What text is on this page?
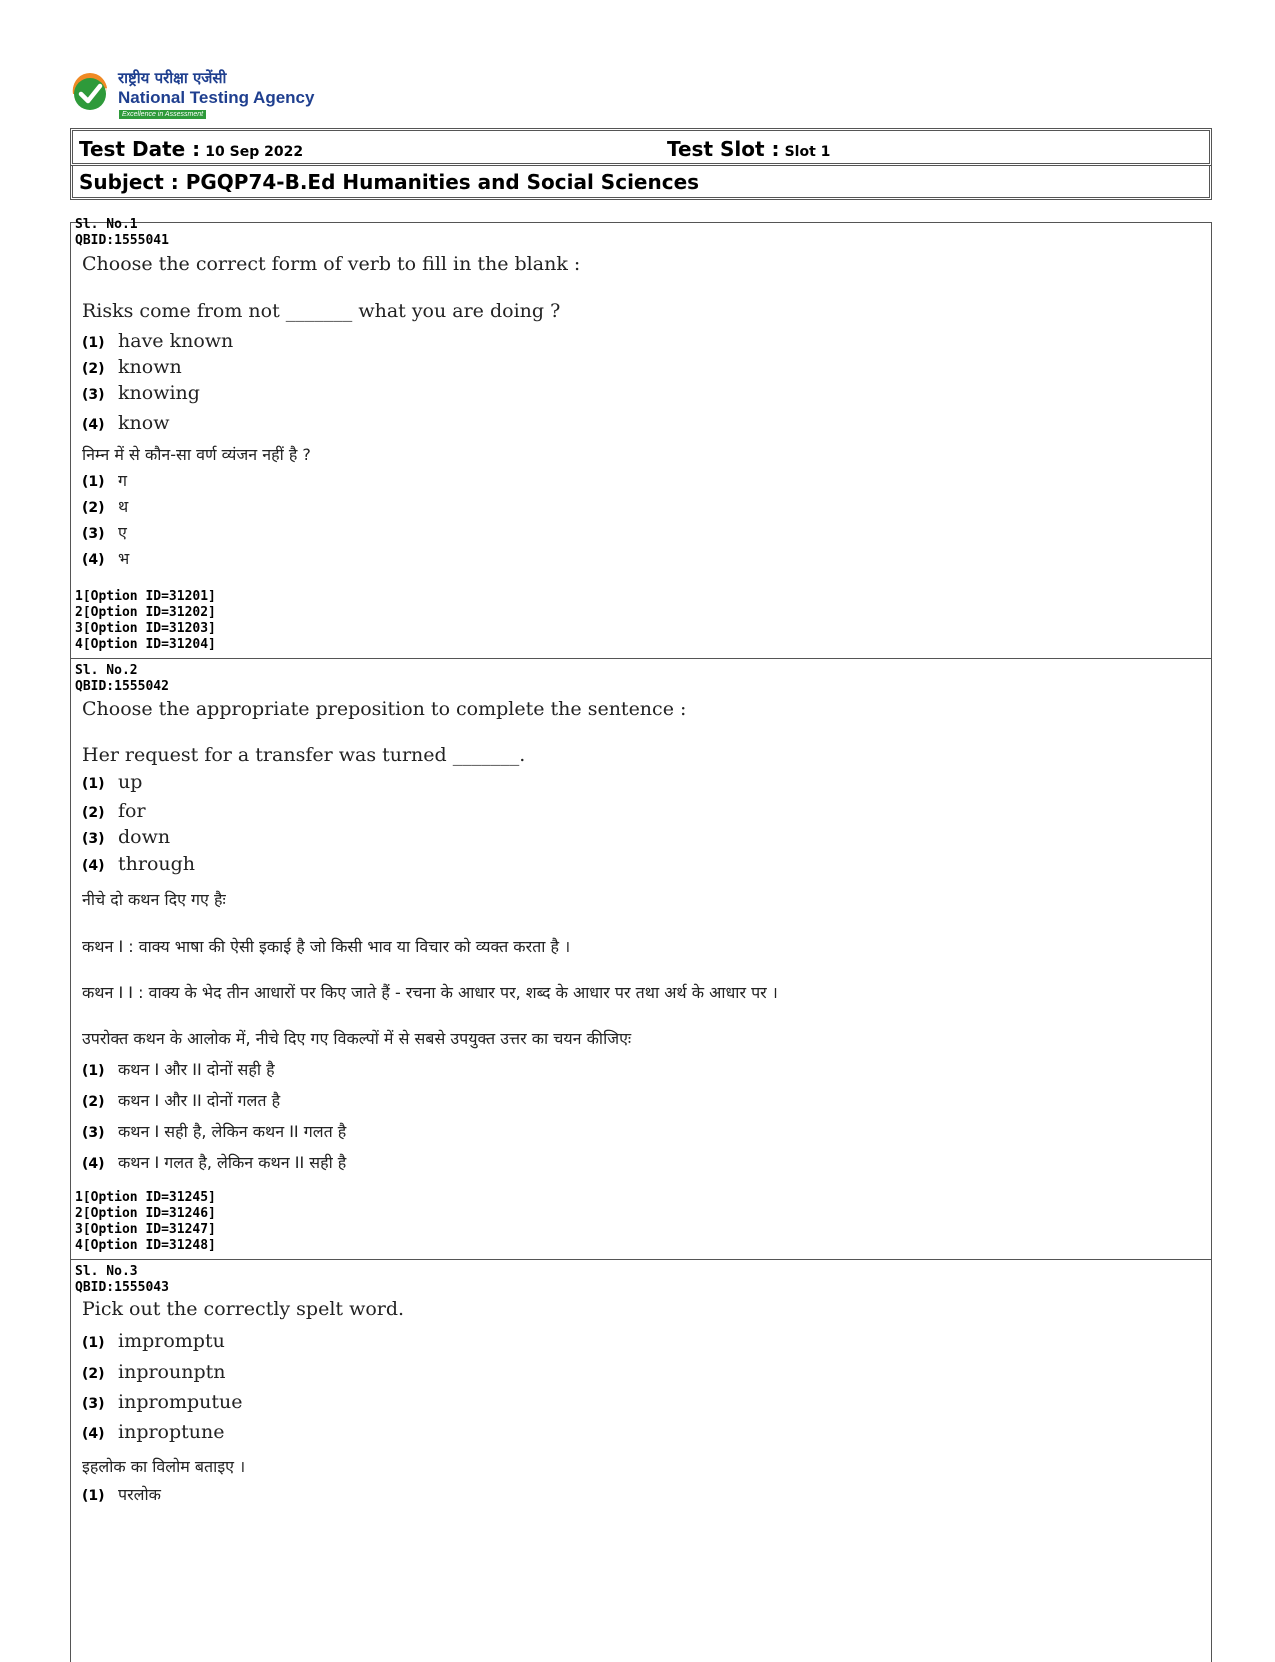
राष्ट्रीय परीक्षा एजेंसी
National Testing Agency
Excellence in Assessment
Test Date : 10 Sep 2022	Test Slot : Slot 1
Subject : PGQP74-B.Ed Humanities and Social Sciences
Sl. No.1
QBID:1555041
Choose the correct form of verb to fill in the blank :
Risks come from not _______ what you are doing ?
(1) have known
(2) known
(3) knowing
(4) know
निम्न में से कौन-सा वर्ण व्यंजन नहीं है ?
(1) ग
(2) थ
(3) ए
(4) भ
1[Option ID=31201]
2[Option ID=31202]
3[Option ID=31203]
4[Option ID=31204]
Sl. No.2
QBID:1555042
Choose the appropriate preposition to complete the sentence :
Her request for a transfer was turned _______.
(1) up
(2) for
(3) down
(4) through
नीचे दो कथन दिए गए हैः
कथन I : वाक्य भाषा की ऐसी इकाई है जो किसी भाव या विचार को व्यक्त करता है ।
कथन I I : वाक्य के भेद तीन आधारों पर किए जाते हैं - रचना के आधार पर, शब्द के आधार पर तथा अर्थ के आधार पर ।
उपरोक्त कथन के आलोक में, नीचे दिए गए विकल्पों में से सबसे उपयुक्त उत्तर का चयन कीजिएः
(1) कथन I और II दोनों सही है
(2) कथन I और II दोनों गलत है
(3) कथन I सही है, लेकिन कथन II गलत है
(4) कथन I गलत है, लेकिन कथन II सही है
1[Option ID=31245]
2[Option ID=31246]
3[Option ID=31247]
4[Option ID=31248]
Sl. No.3
QBID:1555043
Pick out the correctly spelt word.
(1) impromptu
(2) inprounptn
(3) inpromputue
(4) inproptune
इहलोक का विलोम बताइए ।
(1) परलोक
